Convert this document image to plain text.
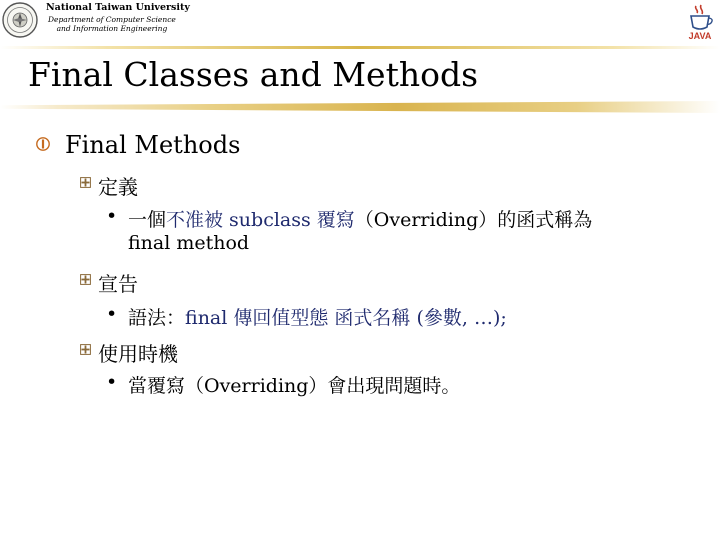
National Taiwan University
Department of Computer Science
and Information Engineering
JAVA
Final Classes and Methods
Final Methods
定義
• 一個不准被 subclass 覆寫（Overriding）的函式稱為
final method
宣告
• 語法：final 傳回值型態 函式名稱 (參數, …);
使用時機
• 當覆寫（Overriding）會出現問題時。
